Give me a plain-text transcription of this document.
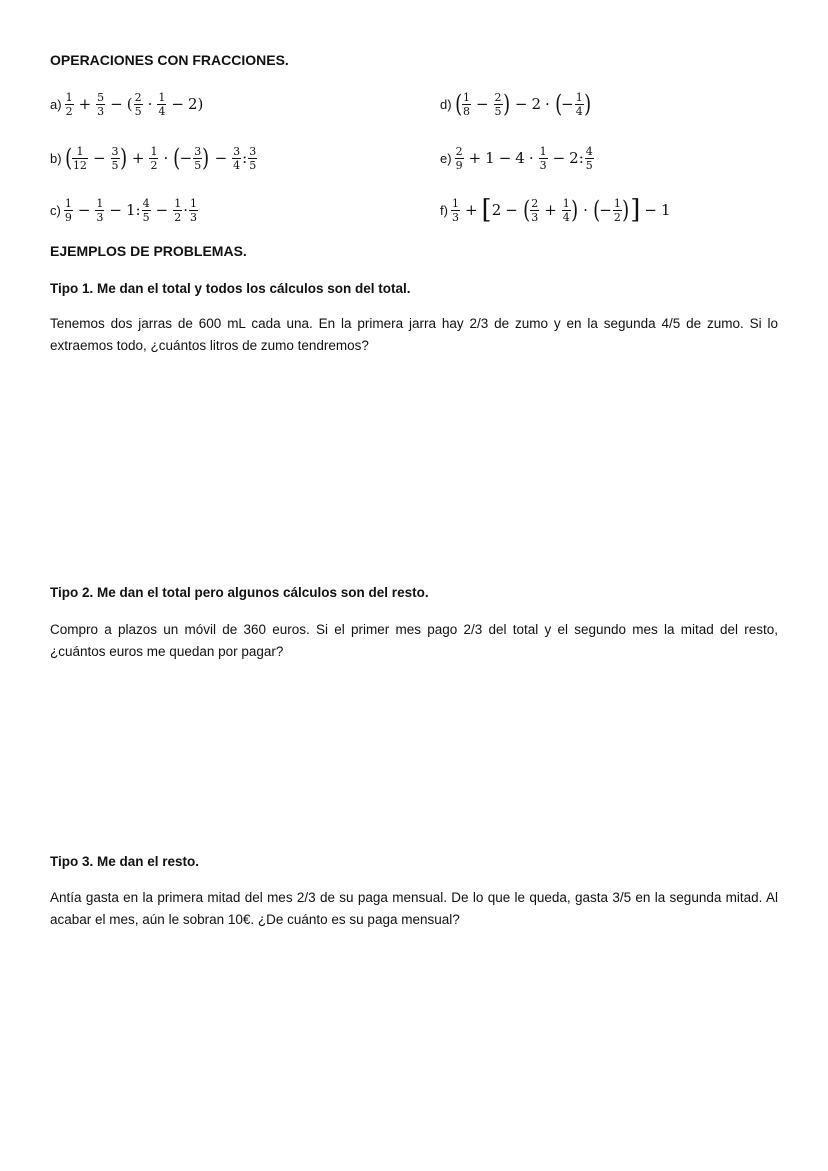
OPERACIONES CON FRACCIONES.
$a) \frac{1}{2} + \frac{5}{3}$ − ( $\frac{2}{5} \cdot \frac{1}{4} - 2$)	d) ( $\frac{1}{8} - \frac{2}{5}$ ) − 2 · ( − $\frac{1}{4}$ )
b) ( $\frac{1}{12} - \frac{3}{5}$ ) + $\frac{1}{2}$ · ( − $\frac{3}{5}$ ) − $\frac{3}{4}$ : $\frac{3}{5}$	$e) \frac{2}{9} + 1 - 4 \cdot \frac{1}{3} - 2$: $\frac{4}{5}$
$c) \frac{1}{9} - \frac{1}{3} - 1$: $\frac{4}{5} - \frac{1}{2} \cdot \frac{1}{3}$	$f) \frac{1}{3}$ + [ 2 − ( $\frac{2}{3} + \frac{1}{4}$ ) · ( − $\frac{1}{2}$ ) ] − 1
EJEMPLOS DE PROBLEMAS.
Tipo 1. Me dan el total y todos los cálculos son del total.
Tenemos dos jarras de 600 mL cada una. En la primera jarra hay 2/3 de zumo y en la segunda 4/5 de zumo. Si lo extraemos todo, ¿cuántos litros de zumo tendremos?
Tipo 2. Me dan el total pero algunos cálculos son del resto.
Compro a plazos un móvil de 360 euros. Si el primer mes pago 2/3 del total y el segundo mes la mitad del resto, ¿cuántos euros me quedan por pagar?
Tipo 3. Me dan el resto.
Antía gasta en la primera mitad del mes 2/3 de su paga mensual. De lo que le queda, gasta 3/5 en la segunda mitad. Al acabar el mes, aún le sobran 10€. ¿De cuánto es su paga mensual?
